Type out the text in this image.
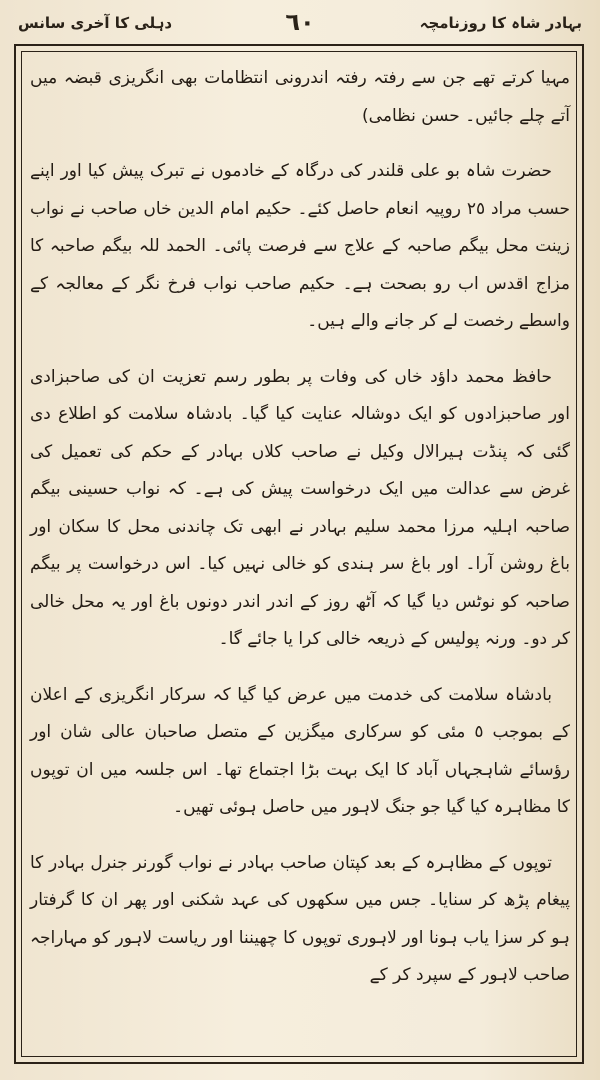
بہادر شاہ کا روزنامچہ
٦٠
دہلی کا آخری سانس

مہیا کرتے تھے جن سے رفتہ رفتہ اندرونی انتظامات بھی انگریزی قبضہ میں آتے چلے جائیں۔ حسن نظامی)

حضرت شاہ بو علی قلندر کی درگاہ کے خادموں نے تبرک پیش کیا اور اپنے حسب مراد ٢٥ روپیہ انعام حاصل کئے۔ حکیم امام الدین خاں صاحب نے نواب زینت محل بیگم صاحبہ کے علاج سے فرصت پائی۔ الحمد للہ بیگم صاحبہ کا مزاج اقدس اب رو بصحت ہے۔ حکیم صاحب نواب فرخ نگر کے معالجہ کے واسطے رخصت لے کر جانے والے ہیں۔

حافظ محمد داؤد خاں کی وفات پر بطور رسم تعزیت ان کی صاحبزادی اور صاحبزادوں کو ایک دوشالہ عنایت کیا گیا۔ بادشاہ سلامت کو اطلاع دی گئی کہ پنڈت ہیرالال وکیل نے صاحب کلاں بہادر کے حکم کی تعمیل کی غرض سے عدالت میں ایک درخواست پیش کی ہے۔ کہ نواب حسینی بیگم صاحبہ اہلیہ مرزا محمد سلیم بہادر نے ابھی تک چاندنی محل کا سکان اور باغ روشن آرا۔ اور باغ سر ہندی کو خالی نہیں کیا۔ اس درخواست پر بیگم صاحبہ کو نوٹس دیا گیا کہ آٹھ روز کے اندر اندر دونوں باغ اور یہ محل خالی کر دو۔ ورنہ پولیس کے ذریعہ خالی کرا یا جائے گا۔

بادشاہ سلامت کی خدمت میں عرض کیا گیا کہ سرکار انگریزی کے اعلان کے بموجب ٥ مئی کو سرکاری میگزین کے متصل صاحبان عالی شان اور رؤسائے شاہجہاں آباد کا ایک بہت بڑا اجتماع تھا۔ اس جلسہ میں ان توپوں کا مظاہرہ کیا گیا جو جنگ لاہور میں حاصل ہوئی تھیں۔

توپوں کے مظاہرہ کے بعد کپتان صاحب بہادر نے نواب گورنر جنرل بہادر کا پیغام پڑھ کر سنایا۔ جس میں سکھوں کی عہد شکنی اور پھر ان کا گرفتار ہو کر سزا یاب ہونا اور لاہوری توپوں کا چھیننا اور ریاست لاہور کو مہاراجہ صاحب لاہور کے سپرد کر کے
